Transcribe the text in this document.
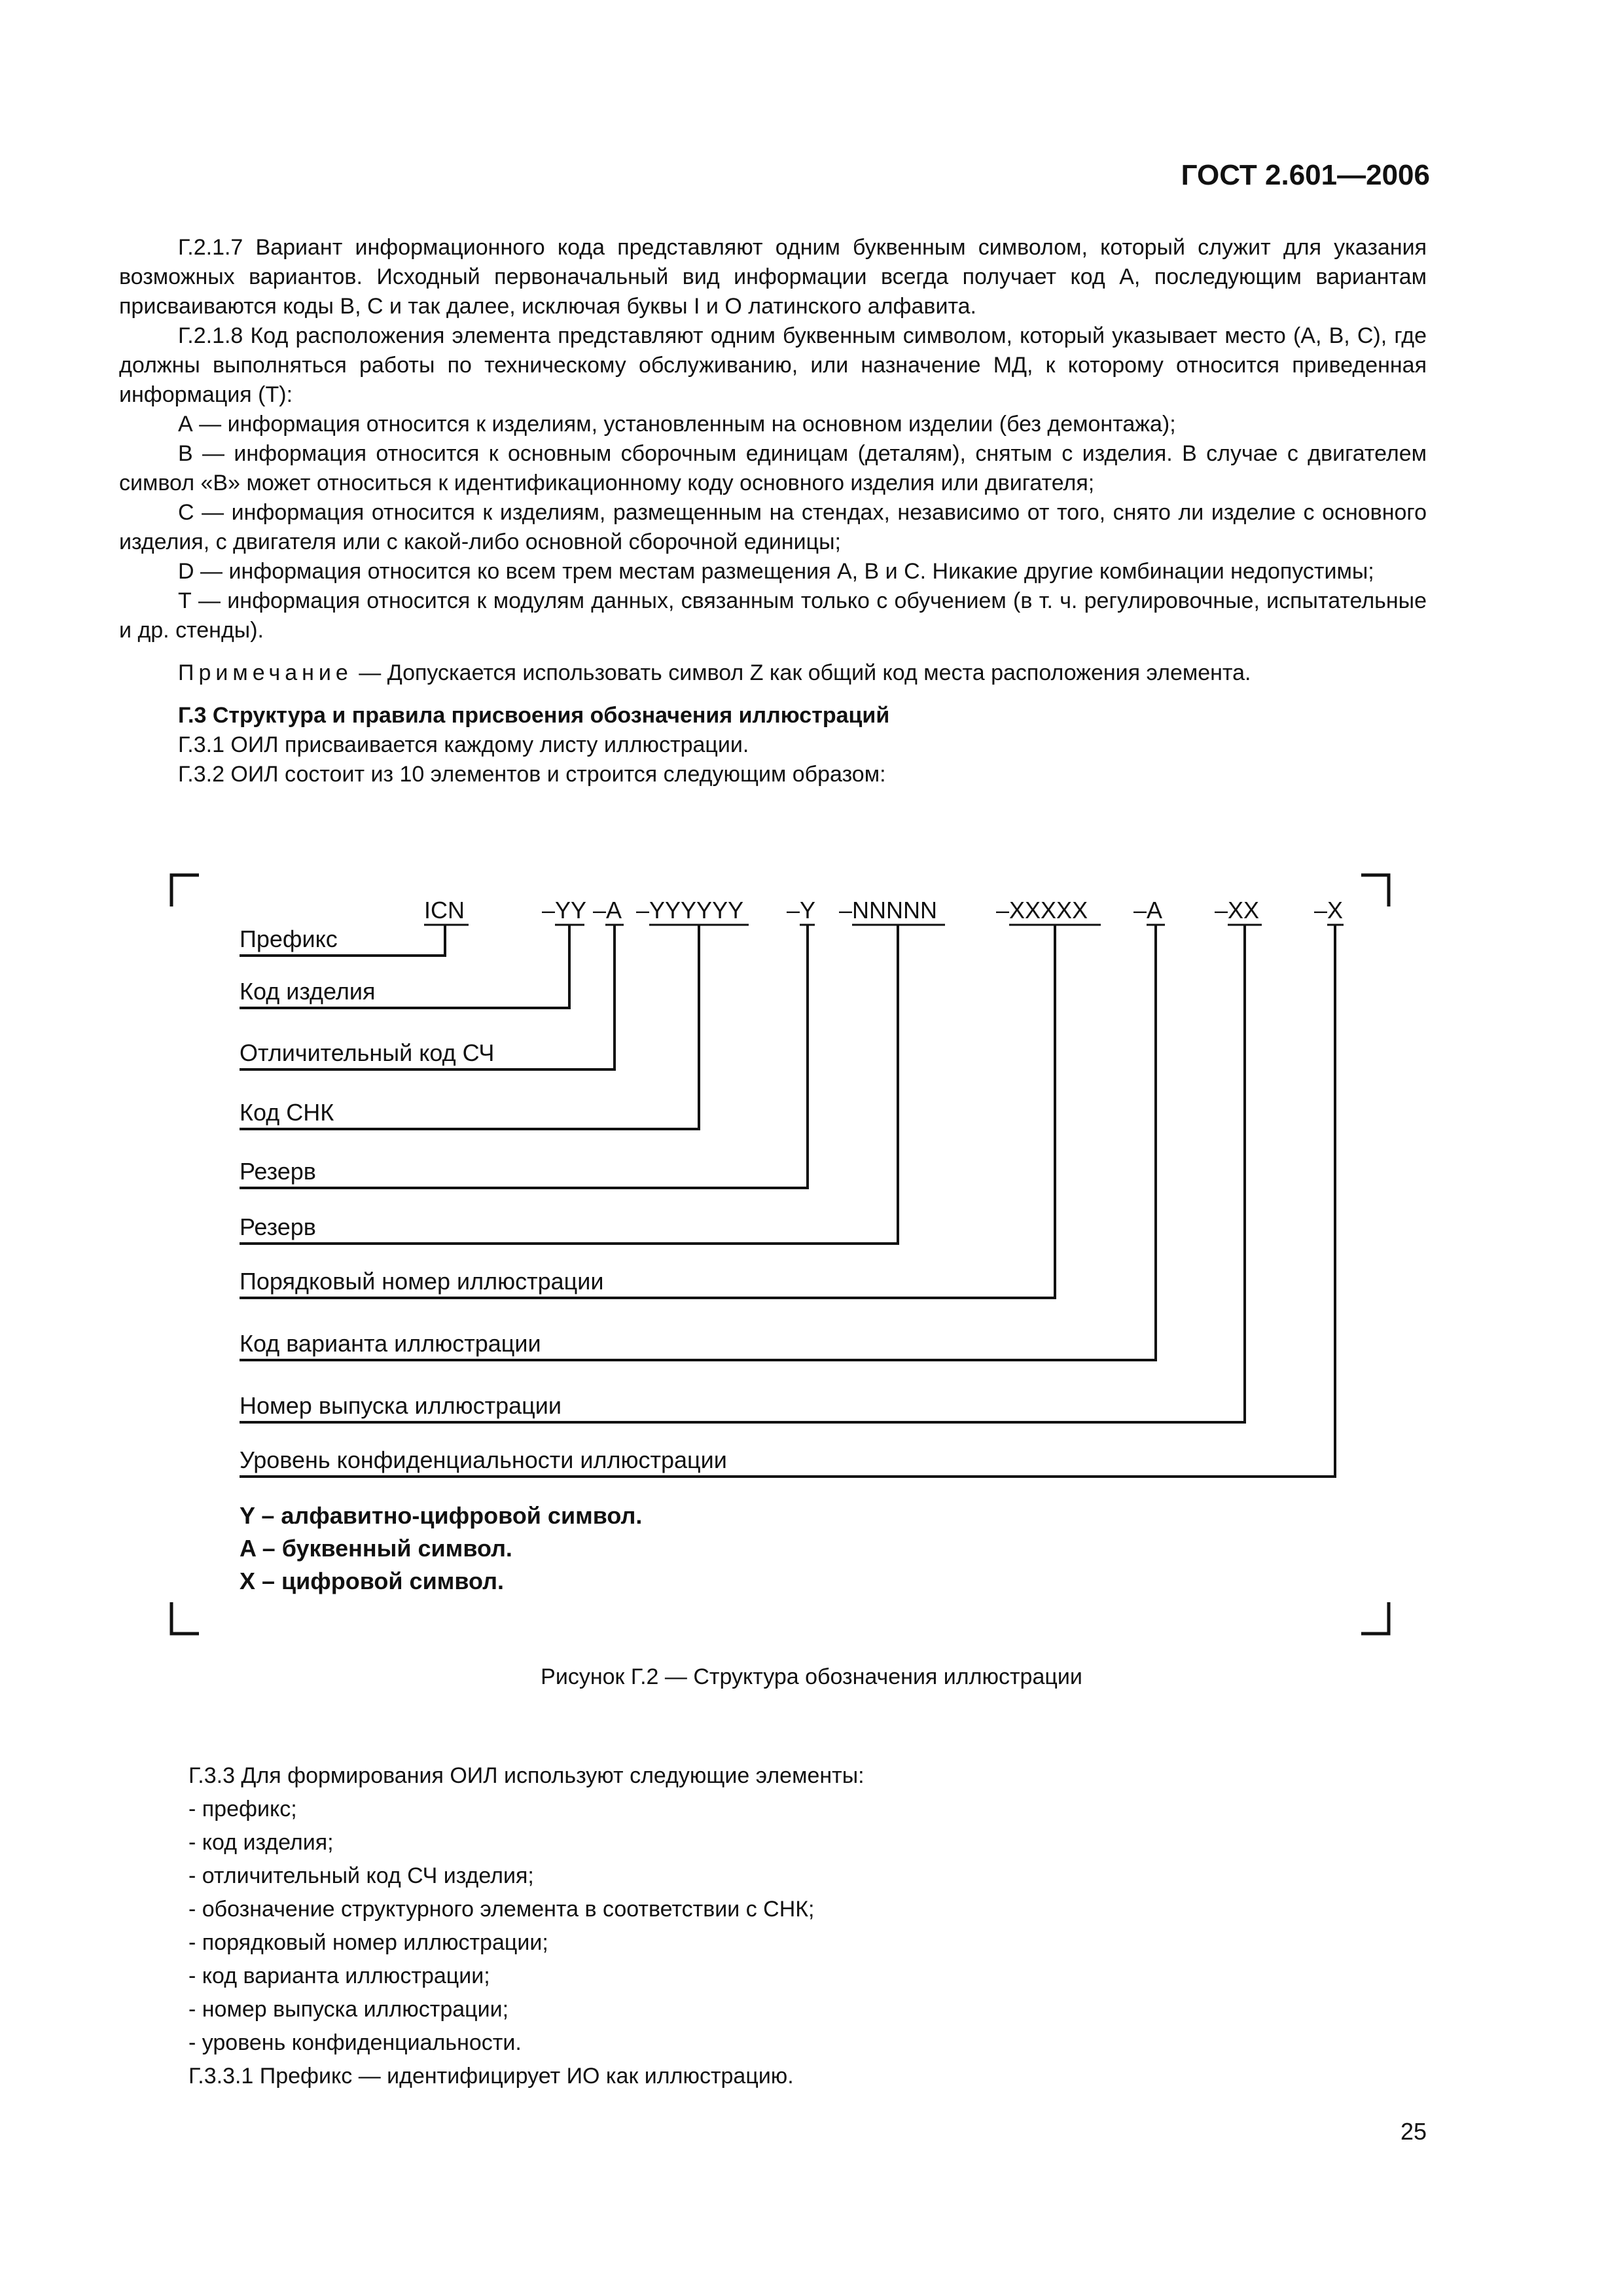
ГОСТ 2.601—2006

Г.2.1.7 Вариант информационного кода представляют одним буквенным символом, который служит для указания возможных вариантов. Исходный первоначальный вид информации всегда получает код А, последующим вариантам присваиваются коды В, С и так далее, исключая буквы I и О латинского алфавита.

Г.2.1.8 Код расположения элемента представляют одним буквенным символом, который указывает место (А, В, С), где должны выполняться работы по техническому обслуживанию, или назначение МД, к которому относится приведенная информация (Т):

А — информация относится к изделиям, установленным на основном изделии (без демонтажа);

В — информация относится к основным сборочным единицам (деталям), снятым с изделия. В случае с двигателем символ «В» может относиться к идентификационному коду основного изделия или двигателя;

С — информация относится к изделиям, размещенным на стендах, независимо от того, снято ли изделие с основного изделия, с двигателя или с какой-либо основной сборочной единицы;

D — информация относится ко всем трем местам размещения А, В и С. Никакие другие комбинации недопустимы;

Т — информация относится к модулям данных, связанным только с обучением (в т. ч. регулировочные, испытательные и др. стенды).

Примечание — Допускается использовать символ Z как общий код места расположения элемента.

Г.3 Структура и правила присвоения обозначения иллюстраций

Г.3.1 ОИЛ присваивается каждому листу иллюстрации.

Г.3.2 ОИЛ состоит из 10 элементов и строится следующим образом:

ICN	–YY –A –YYYYYY –Y –NNNNN –XXXXX –A –XX –X
Префикс
Код изделия
Отличительный код СЧ
Код СНК
Резерв
Резерв
Порядковый номер иллюстрации
Код варианта иллюстрации
Номер выпуска иллюстрации
Уровень конфиденциальности иллюстрации
Y – алфавитно-цифровой символ.
A – буквенный символ.
X – цифровой символ.
Рисунок Г.2 — Структура обозначения иллюстрации

Г.3.3 Для формирования ОИЛ используют следующие элементы:

- префикс;

- код изделия;

- отличительный код СЧ изделия;

- обозначение структурного элемента в соответствии с СНК;

- порядковый номер иллюстрации;

- код варианта иллюстрации;

- номер выпуска иллюстрации;

- уровень конфиденциальности.

Г.3.3.1 Префикс — идентифицирует ИО как иллюстрацию.

25
